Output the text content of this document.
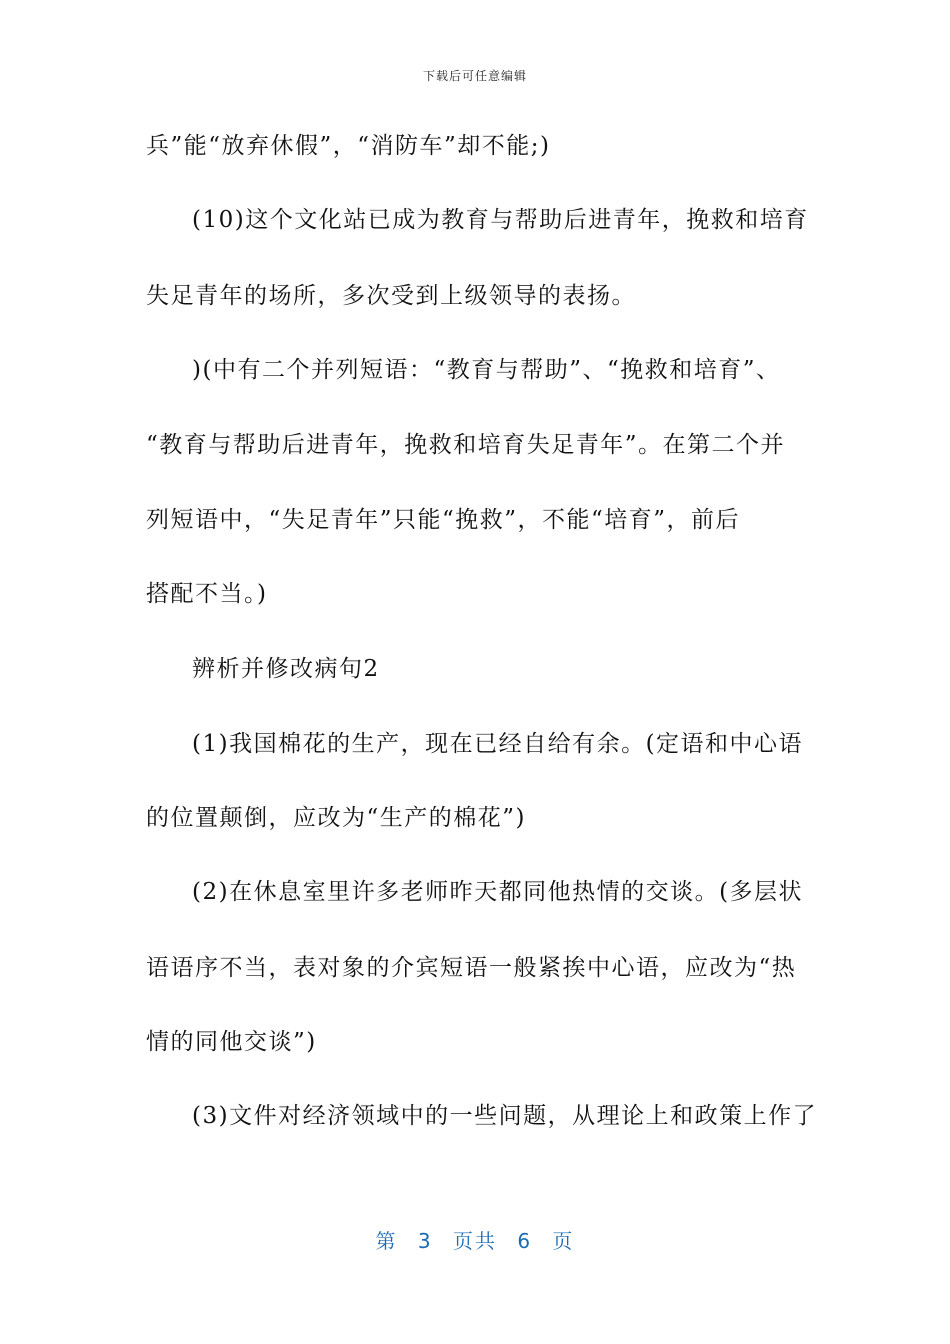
下载后可任意编辑
兵”能“放弃休假”，“消防车”却不能;)
(10)这个文化站已成为教育与帮助后进青年，挽救和培育
失足青年的场所，多次受到上级领导的表扬。
)(中有二个并列短语：“教育与帮助”、“挽救和培育”、
“教育与帮助后进青年，挽救和培育失足青年”。在第二个并
列短语中，“失足青年”只能“挽救”，不能“培育”，前后
搭配不当。)
辨析并修改病句2
(1)我国棉花的生产，现在已经自给有余。(定语和中心语
的位置颠倒，应改为“生产的棉花”)
(2)在休息室里许多老师昨天都同他热情的交谈。(多层状
语语序不当，表对象的介宾短语一般紧挨中心语，应改为“热
情的同他交谈”)
(3)文件对经济领域中的一些问题，从理论上和政策上作了
第 3 页共 6 页
